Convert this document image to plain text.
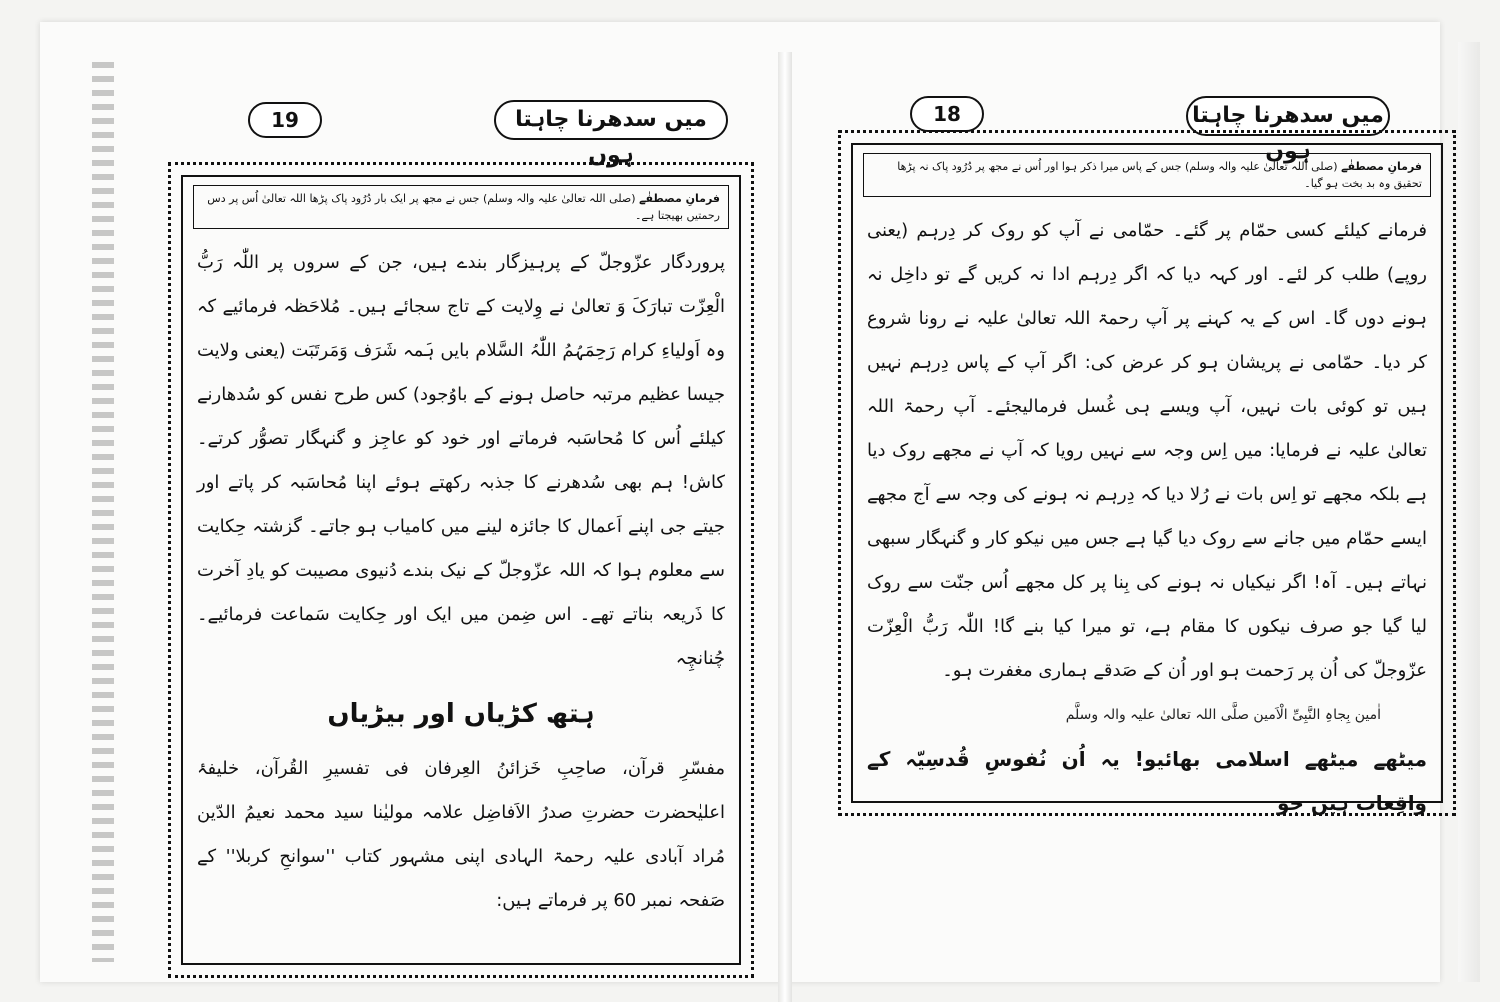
19	میں سدھرنا چاہتا ہوں
فرمانِ مصطفٰے (صلی اللہ تعالیٰ علیہ والہ وسلم) جس نے مجھ پر ایک بار دُرُود پاک پڑھا اللہ تعالیٰ اُس پر دس رحمتیں بھیجتا ہے۔
پروردگار عزّوجلّ کے پرہیزگار بندے ہیں، جن کے سروں پر اللّٰہ رَبُّ الْعِزّت تبارَکَ وَ تعالیٰ نے وِلایت کے تاج سجائے ہیں۔ مُلاحَظہ فرمائیے کہ وہ اَولیاءِ کرام رَحِمَہُمُ اللّٰہُ السَّلام بایں ہَمہ شَرَف وَمَرتَبَت (یعنی ولایت جیسا عظیم مرتبہ حاصل ہونے کے باوُجود) کس طرح نفس کو سُدھارنے کیلئے اُس کا مُحاسَبہ فرماتے اور خود کو عاجِز و گنہگار تصوُّر کرتے۔ کاش! ہم بھی سُدھرنے کا جذبہ رکھتے ہوئے اپنا مُحاسَبہ کر پاتے اور جیتے جی اپنے اَعمال کا جائزہ لینے میں کامیاب ہو جاتے۔ گزشتہ حِکایت سے معلوم ہوا کہ اللہ عزّوجلّ کے نیک بندے دُنیوی مصیبت کو یادِ آخرت کا ذَریعہ بناتے تھے۔ اس ضِمن میں ایک اور حِکایت سَماعت فرمائیے۔ چُنانچِہ
ہتھ کڑیاں اور بیڑیاں
مفسّرِ قرآن، صاحِبِ خَزائنُ العِرفان فی تفسیرِ القُرآن، خلیفۂ اعلیٰحضرت حضرتِ صدرُ الاَفاضِل علامہ مولیٰنا سید محمد نعیمُ الدّین مُراد آبادی علیہ رحمۃ الہادی اپنی مشہور کتاب ''سوانحِ کربلا'' کے صَفحہ نمبر 60 پر فرماتے ہیں:
18	میں سدھرنا چاہتا ہوں
فرمانِ مصطفٰے (صلی اللہ تعالیٰ علیہ والہ وسلم) جس کے پاس میرا ذکر ہوا اور اُس نے مجھ پر دُرُود پاک نہ پڑھا تحقیق وہ بد بخت ہو گیا۔
فرمانے کیلئے کسی حمّام پر گئے۔ حمّامی نے آپ کو روک کر دِرہم (یعنی روپے) طلب کر لئے۔ اور کہہ دیا کہ اگر دِرہم ادا نہ کریں گے تو داخِل نہ ہونے دوں گا۔ اس کے یہ کہنے پر آپ رحمۃ اللہ تعالیٰ علیہ نے رونا شروع کر دیا۔ حمّامی نے پریشان ہو کر عرض کی: اگر آپ کے پاس دِرہم نہیں ہیں تو کوئی بات نہیں، آپ ویسے ہی غُسل فرمالیجئے۔ آپ رحمۃ اللہ تعالیٰ علیہ نے فرمایا: میں اِس وجہ سے نہیں رویا کہ آپ نے مجھے روک دیا ہے بلکہ مجھے تو اِس بات نے رُلا دیا کہ دِرہم نہ ہونے کی وجہ سے آج مجھے ایسے حمّام میں جانے سے روک دیا گیا ہے جس میں نیکو کار و گنہگار سبھی نہاتے ہیں۔ آہ! اگر نیکیاں نہ ہونے کی بِنا پر کل مجھے اُس جنّت سے روک لیا گیا جو صرف نیکوں کا مقام ہے، تو میرا کیا بنے گا! اللّٰہ رَبُّ الْعِزّت عزّوجلّ کی اُن پر رَحمت ہو اور اُن کے صَدقے ہماری مغفرت ہو۔
اٰمین بِجاہِ النَّبِیِّ الْاَمین صلَّی اللہ تعالیٰ علیہ والہ وسلَّم
میٹھے میٹھے اسلامی بھائیو! یہ اُن نُفوسِ قُدسِیّہ کے واقِعات ہیں جو
